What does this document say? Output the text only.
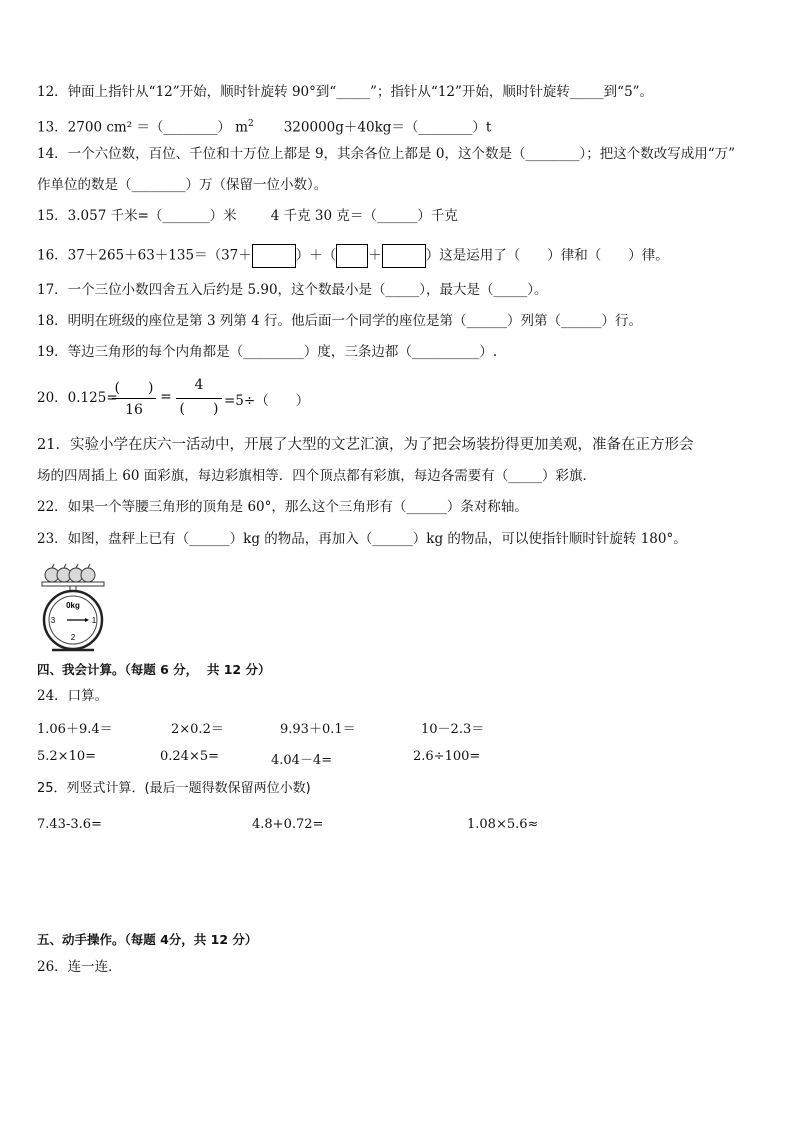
12．钟面上指针从“12”开始，顺时针旋转 90°到“_____”；指针从“12”开始，顺时针旋转_____到“5”。
13．2700 cm² ＝（________） $m^2$ 320000g＋40kg＝（________）t
14．一个六位数，百位、千位和十万位上都是 9，其余各位上都是 0，这个数是（________）；把这个数改写成用“万”
作单位的数是（________）万（保留一位小数）。
15．3.057 千米=（_______）米	4 千克 30 克＝（______）千克
16．37＋265＋63＋135＝（37＋	）＋（ ＋	）这是运用了（　　）律和（　　）律。
17．一个三位小数四舍五入后约是 5.90，这个数最小是（_____），最大是（_____）。
18．明明在班级的座位是第 3 列第 4 行。他后面一个同学的座位是第（______）列第（______）行。
19．等边三角形的每个内角都是（_________）度，三条边都（__________）.
20．0.125=
(　　)
16
=
4
(　　) =5÷（　　）
21．实验小学在庆六一活动中，开展了大型的文艺汇演，为了把会场装扮得更加美观，准备在正方形会
场的四周插上 60 面彩旗，每边彩旗相等．四个顶点都有彩旗，每边各需要有（_____）彩旗．
22．如果一个等腰三角形的顶角是 60°，那么这个三角形有（______）条对称轴。
23．如图，盘秤上已有（______）kg 的物品，再加入（______）kg 的物品，可以使指针顺时针旋转 180°。
0kg
3	1
2
四、我会计算。（每题 6 分，  共 12 分）
24．口算。
1.06＋9.4＝	2×0.2＝	9.93＋0.1＝	10－2.3＝
5.2×10=	0.24×5=	4.04－4=	2.6÷100=
25．列竖式计算．(最后一题得数保留两位小数)
7.43-3.6=	4.8+0.72=	1.08×5.6≈
五、动手操作。（每题 4分，共 12 分）
26．连一连．
